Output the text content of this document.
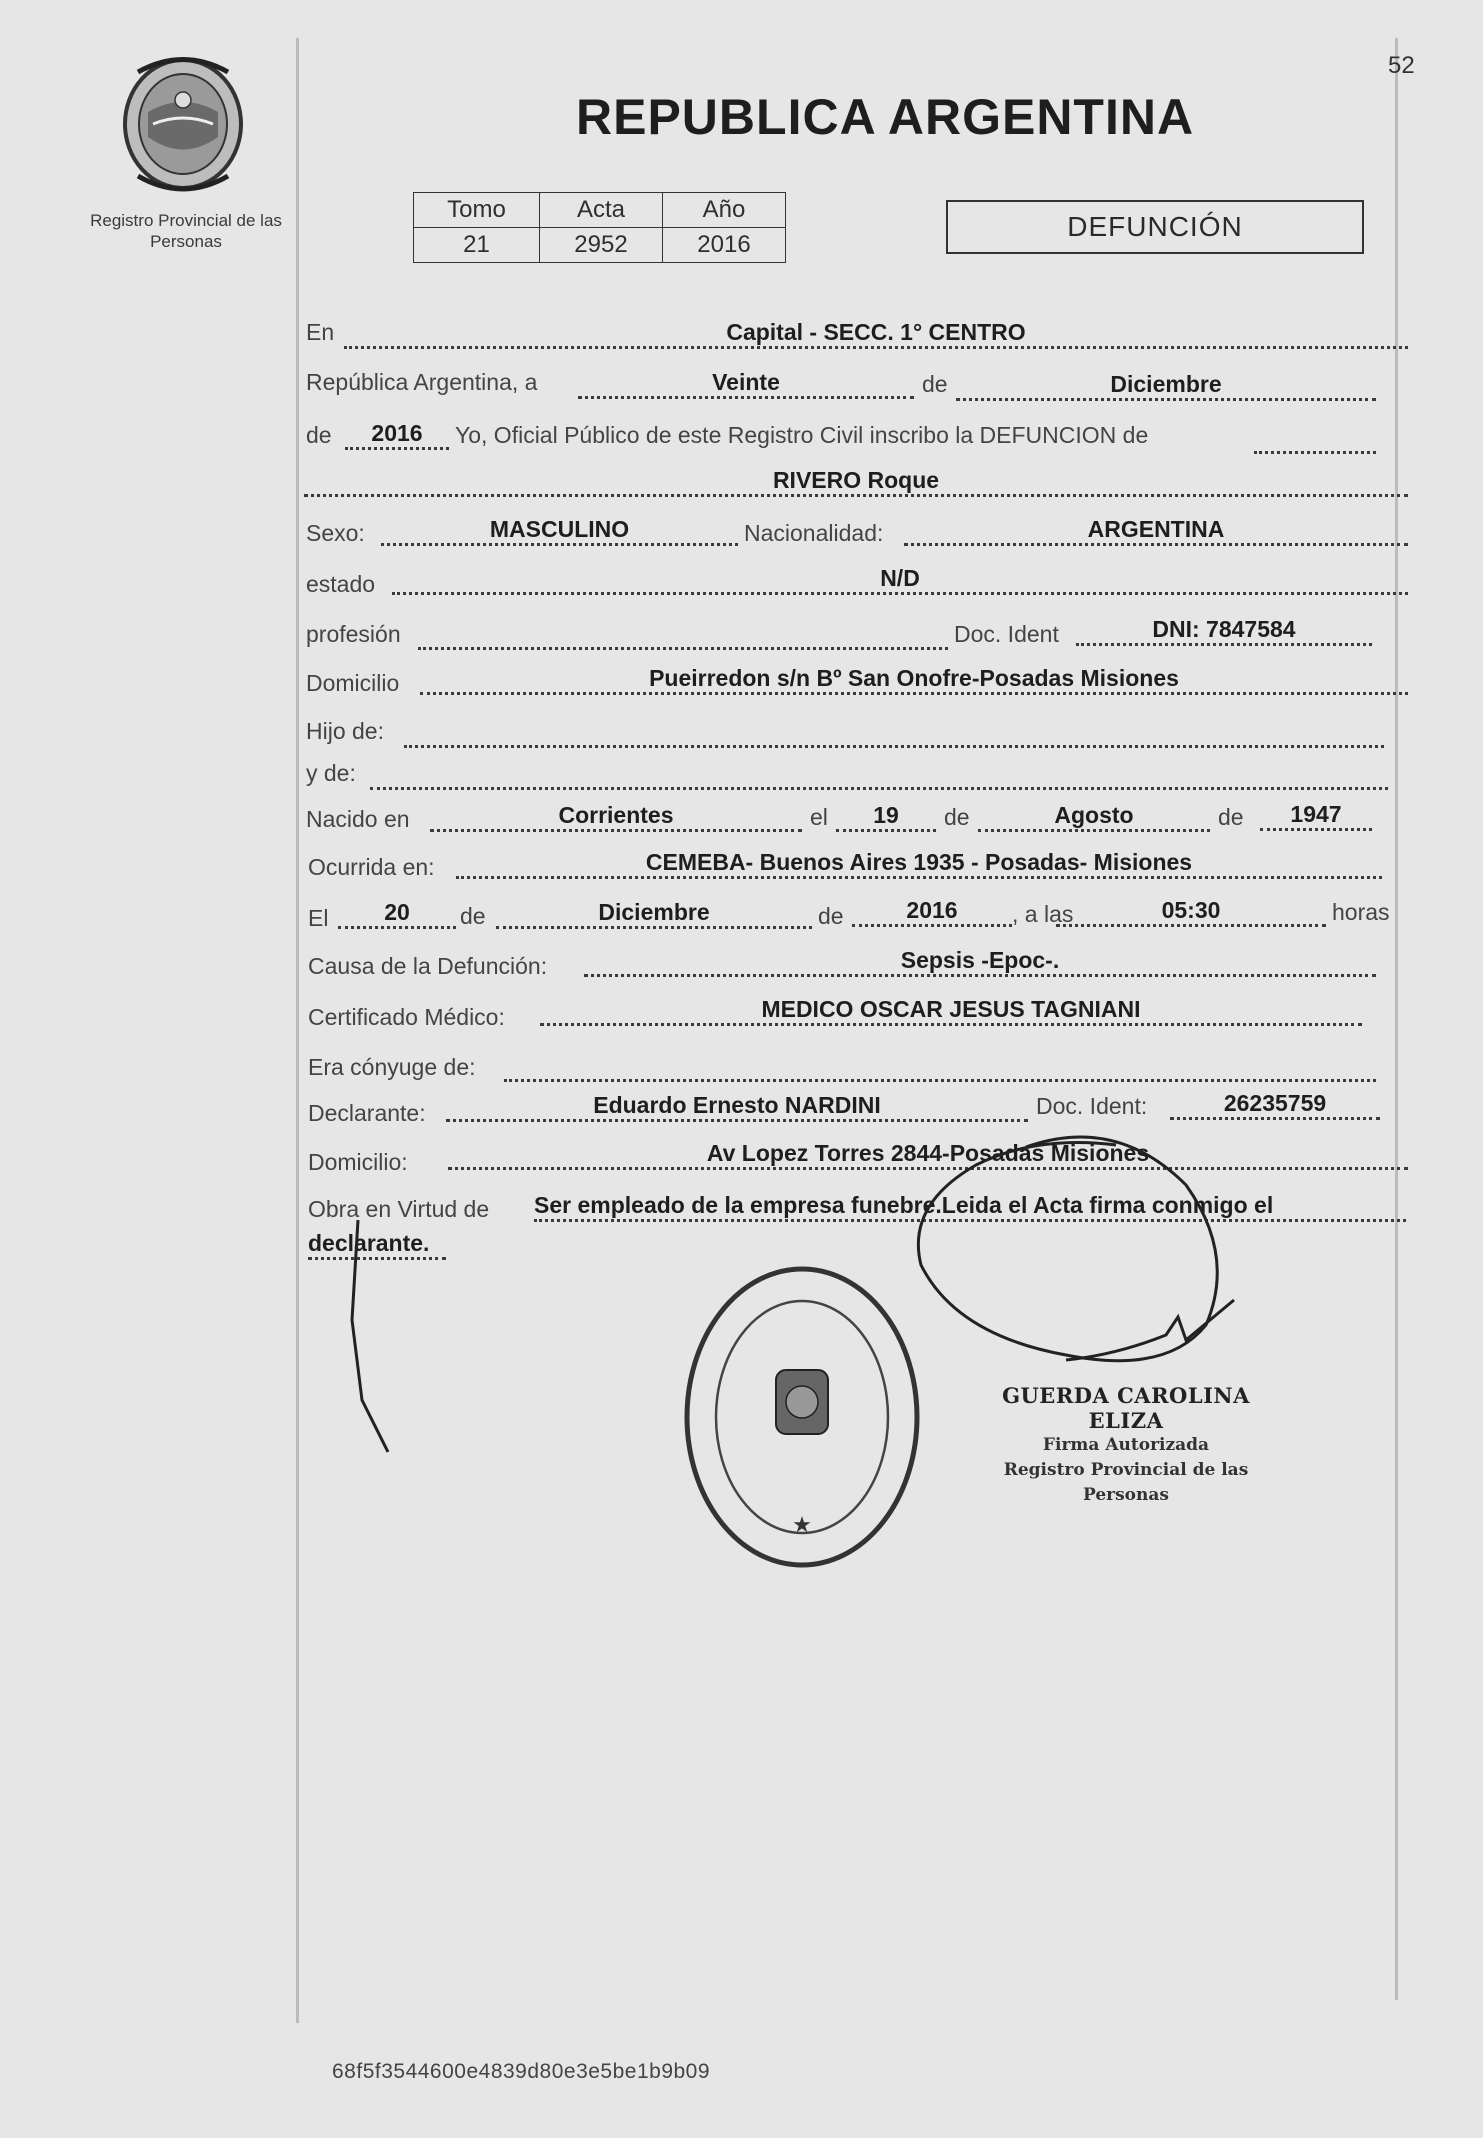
52
Registro Provincial de las Personas
REPUBLICA ARGENTINA
Tomo	Acta	Año
21	2952	2016
DEFUNCIÓN
En	Capital - SECC. 1° CENTRO
República Argentina, a	Veinte	de	Diciembre
de	2016	Yo, Oficial Público de este Registro Civil inscribo la DEFUNCION de
RIVERO Roque
Sexo:	MASCULINO	Nacionalidad:	ARGENTINA
estado	N/D
profesión	Doc. Ident	DNI: 7847584
Domicilio	Pueirredon s/n Bº San Onofre-Posadas Misiones
Hijo de:
y de:
Nacido en	Corrientes	el	19	de	Agosto	de	1947
Ocurrida en:	CEMEBA- Buenos Aires 1935 - Posadas- Misiones
El	20	de	Diciembre	de	2016	, a las	05:30	horas
Causa de la Defunción:	Sepsis -Epoc-.
Certificado Médico:	MEDICO OSCAR JESUS TAGNIANI
Era cónyuge de:
Declarante:	Eduardo Ernesto NARDINI	Doc. Ident:	26235759
Domicilio:	Av Lopez Torres 2844-Posadas Misiones
Obra en Virtud de Ser empleado de la empresa funebre.Leida el Acta firma conmigo el
declarante.
★
GUERDA CAROLINA ELIZA
Firma Autorizada
Registro Provincial de las Personas
68f5f3544600e4839d80e3e5be1b9b09
